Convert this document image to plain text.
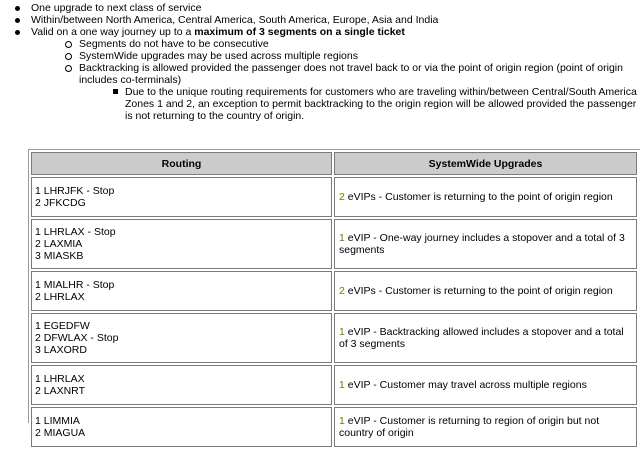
One upgrade to next class of service
Within/between North America, Central America, South America, Europe, Asia and India
Valid on a one way journey up to a maximum of 3 segments on a single ticket
Segments do not have to be consecutive
SystemWide upgrades may be used across multiple regions
Backtracking is allowed provided the passenger does not travel back to or via the point of origin region (point of origin includes co-terminals)
Due to the unique routing requirements for customers who are traveling within/between Central/South America Zones 1 and 2, an exception to permit backtracking to the origin region will be allowed provided the passenger is not returning to the country of origin.
Routing	SystemWide Upgrades

1 LHRJFK - Stop
2 JFKCDG	2 eVIPs - Customer is returning to the point of origin region

1 LHRLAX - Stop
2 LAXMIA
3 MIASKB	1 eVIP - One-way journey includes a stopover and a total of 3 segments

1 MIALHR - Stop
2 LHRLAX	2 eVIPs - Customer is returning to the point of origin region

1 EGEDFW
2 DFWLAX - Stop
3 LAXORD	1 eVIP - Backtracking allowed includes a stopover and a total of 3 segments

1 LHRLAX
2 LAXNRT	1 eVIP - Customer may travel across multiple regions

1 LIMMIA
2 MIAGUA	1 eVIP - Customer is returning to region of origin but not country of origin
